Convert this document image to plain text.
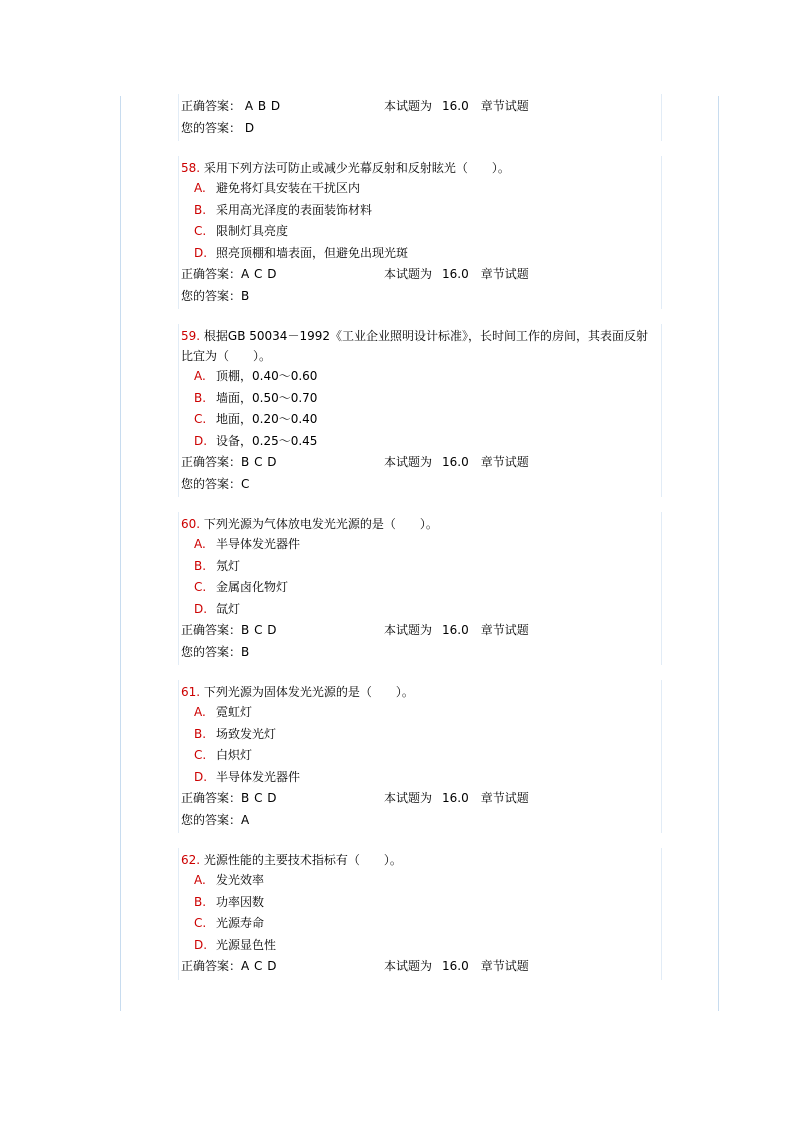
正确答案： A B D	本试题为 16.0 章节试题
您的答案： D
58. 采用下列方法可防止或减少光幕反射和反射眩光（　　）。
A. 避免将灯具安装在干扰区内
B. 采用高光泽度的表面装饰材料
C. 限制灯具亮度
D. 照亮顶棚和墙表面，但避免出现光斑
正确答案：A C D	本试题为 16.0 章节试题
您的答案：B
59. 根据GB 50034－1992《工业企业照明设计标准》，长时间工作的房间，其表面反射比宜为（　　）。
A. 顶棚，0.40～0.60
B. 墙面，0.50～0.70
C. 地面，0.20～0.40
D. 设备，0.25～0.45
正确答案：B C D	本试题为 16.0 章节试题
您的答案：C
60. 下列光源为气体放电发光光源的是（　　）。
A. 半导体发光器件
B. 氖灯
C. 金属卤化物灯
D. 氙灯
正确答案：B C D	本试题为 16.0 章节试题
您的答案：B
61. 下列光源为固体发光光源的是（　　）。
A. 霓虹灯
B. 场致发光灯
C. 白炽灯
D. 半导体发光器件
正确答案：B C D	本试题为 16.0 章节试题
您的答案：A
62. 光源性能的主要技术指标有（　　）。
A. 发光效率
B. 功率因数
C. 光源寿命
D. 光源显色性
正确答案：A C D	本试题为 16.0 章节试题
